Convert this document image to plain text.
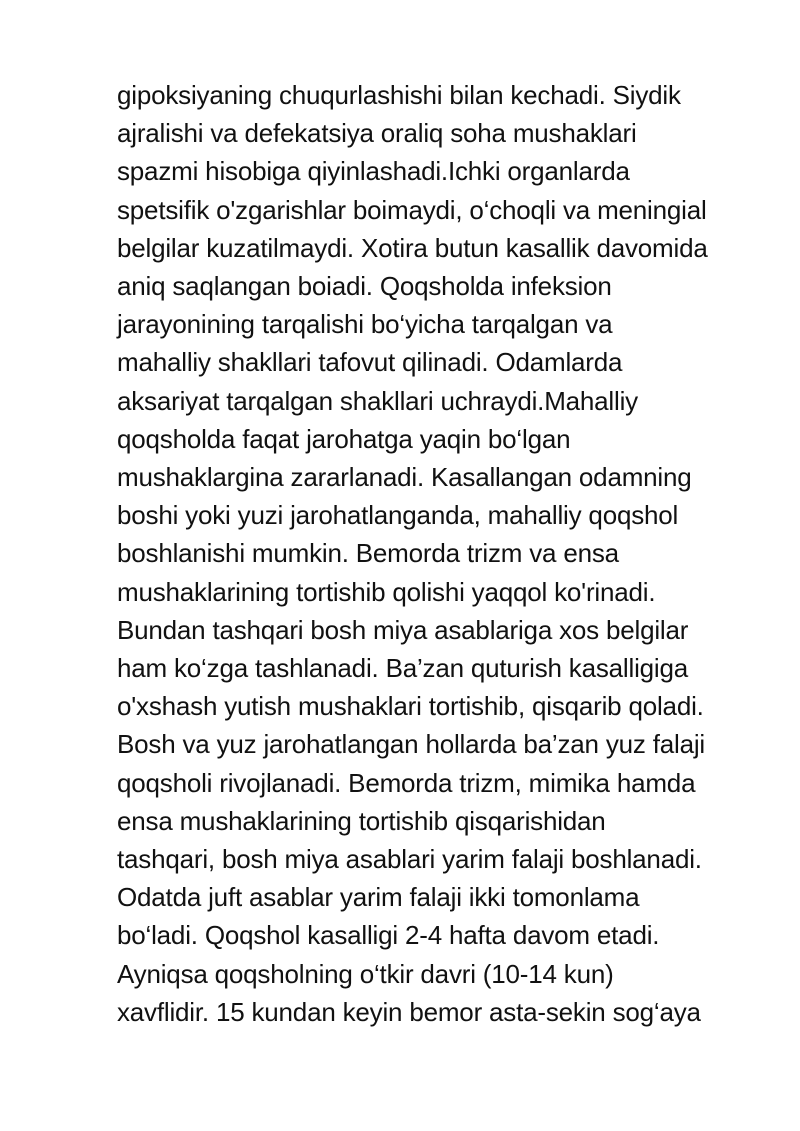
gipoksiyaning chuqurlashishi bilan kechadi. Siydik
ajralishi va defekatsiya oraliq soha mushaklari
spazmi hisobiga qiyinlashadi.Ichki organlarda
spetsifik o'zgarishlar boimaydi, o‘choqli va meningial
belgilar kuzatilmaydi. Xotira butun kasallik davomida
aniq saqlangan boiadi. Qoqsholda infeksion
jarayonining tarqalishi bo‘yicha tarqalgan va
mahalliy shakllari tafovut qilinadi. Odamlarda
aksariyat tarqalgan shakllari uchraydi.Mahalliy
qoqsholda faqat jarohatga yaqin bo‘lgan
mushaklargina zararlanadi. Kasallangan odamning
boshi yoki yuzi jarohatlanganda, mahalliy qoqshol
boshlanishi mumkin. Bemorda trizm va ensa
mushaklarining tortishib qolishi yaqqol ko'rinadi.
Bundan tashqari bosh miya asablariga xos belgilar
ham ko‘zga tashlanadi. Ba’zan quturish kasalligiga
o'xshash yutish mushaklari tortishib, qisqarib qoladi.
Bosh va yuz jarohatlangan hollarda ba’zan yuz falaji
qoqsholi rivojlanadi. Bemorda trizm, mimika hamda
ensa mushaklarining tortishib qisqarishidan
tashqari, bosh miya asablari yarim falaji boshlanadi.
Odatda juft asablar yarim falaji ikki tomonlama
bo‘ladi. Qoqshol kasalligi 2-4 hafta davom etadi.
Ayniqsa qoqsholning o‘tkir davri (10-14 kun)
xavflidir. 15 kundan keyin bemor asta-sekin sog‘aya
